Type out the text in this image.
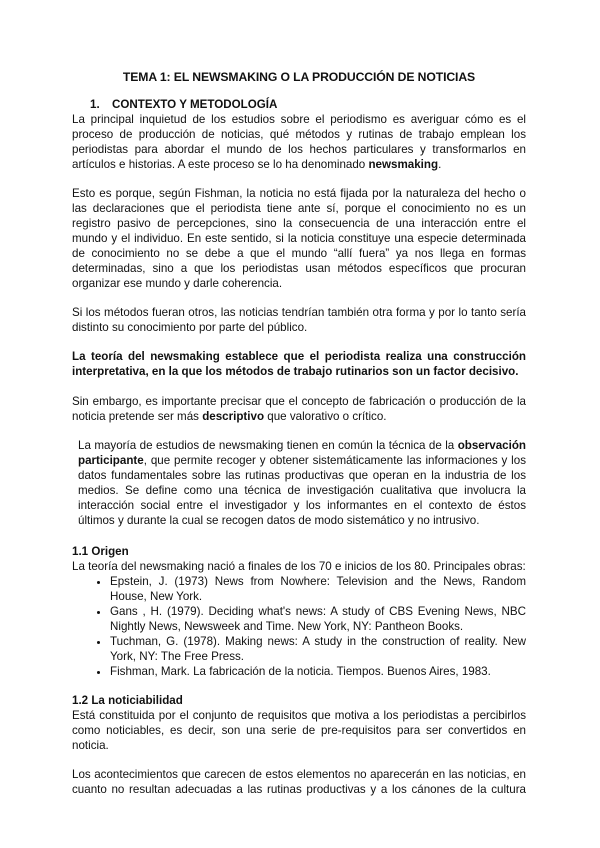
TEMA 1: EL NEWSMAKING O LA PRODUCCIÓN DE NOTICIAS
1. CONTEXTO Y METODOLOGÍA

La principal inquietud de los estudios sobre el periodismo es averiguar cómo es el proceso de producción de noticias, qué métodos y rutinas de trabajo emplean los periodistas para abordar el mundo de los hechos particulares y transformarlos en artículos e historias. A este proceso se lo ha denominado newsmaking.

Esto es porque, según Fishman, la noticia no está fijada por la naturaleza del hecho o las declaraciones que el periodista tiene ante sí, porque el conocimiento no es un registro pasivo de percepciones, sino la consecuencia de una interacción entre el mundo y el individuo. En este sentido, si la noticia constituye una especie determinada de conocimiento no se debe a que el mundo “allí fuera” ya nos llega en formas determinadas, sino a que los periodistas usan métodos específicos que procuran organizar ese mundo y darle coherencia.

Si los métodos fueran otros, las noticias tendrían también otra forma y por lo tanto sería distinto su conocimiento por parte del público.

La teoría del newsmaking establece que el periodista realiza una construcción interpretativa, en la que los métodos de trabajo rutinarios son un factor decisivo.

Sin embargo, es importante precisar que el concepto de fabricación o producción de la noticia pretende ser más descriptivo que valorativo o crítico.

La mayoría de estudios de newsmaking tienen en común la técnica de la observación participante, que permite recoger y obtener sistemáticamente las informaciones y los datos fundamentales sobre las rutinas productivas que operan en la industria de los medios. Se define como una técnica de investigación cualitativa que involucra la interacción social entre el investigador y los informantes en el contexto de éstos últimos y durante la cual se recogen datos de modo sistemático y no intrusivo.

1.1 Origen
La teoría del newsmaking nació a finales de los 70 e inicios de los 80. Principales obras:
• Epstein, J. (1973) News from Nowhere: Television and the News, Random House, New York.
• Gans , H. (1979). Deciding what's news: A study of CBS Evening News, NBC Nightly News, Newsweek and Time. New York, NY: Pantheon Books.
• Tuchman, G. (1978). Making news: A study in the construction of reality. New York, NY: The Free Press.
• Fishman, Mark. La fabricación de la noticia. Tiempos. Buenos Aires, 1983.
1.2 La noticiabilidad

Está constituida por el conjunto de requisitos que motiva a los periodistas a percibirlos como noticiables, es decir, son una serie de pre-requisitos para ser convertidos en noticia.

Los acontecimientos que carecen de estos elementos no aparecerán en las noticias, en cuanto no resultan adecuadas a las rutinas productivas y a los cánones de la cultura
